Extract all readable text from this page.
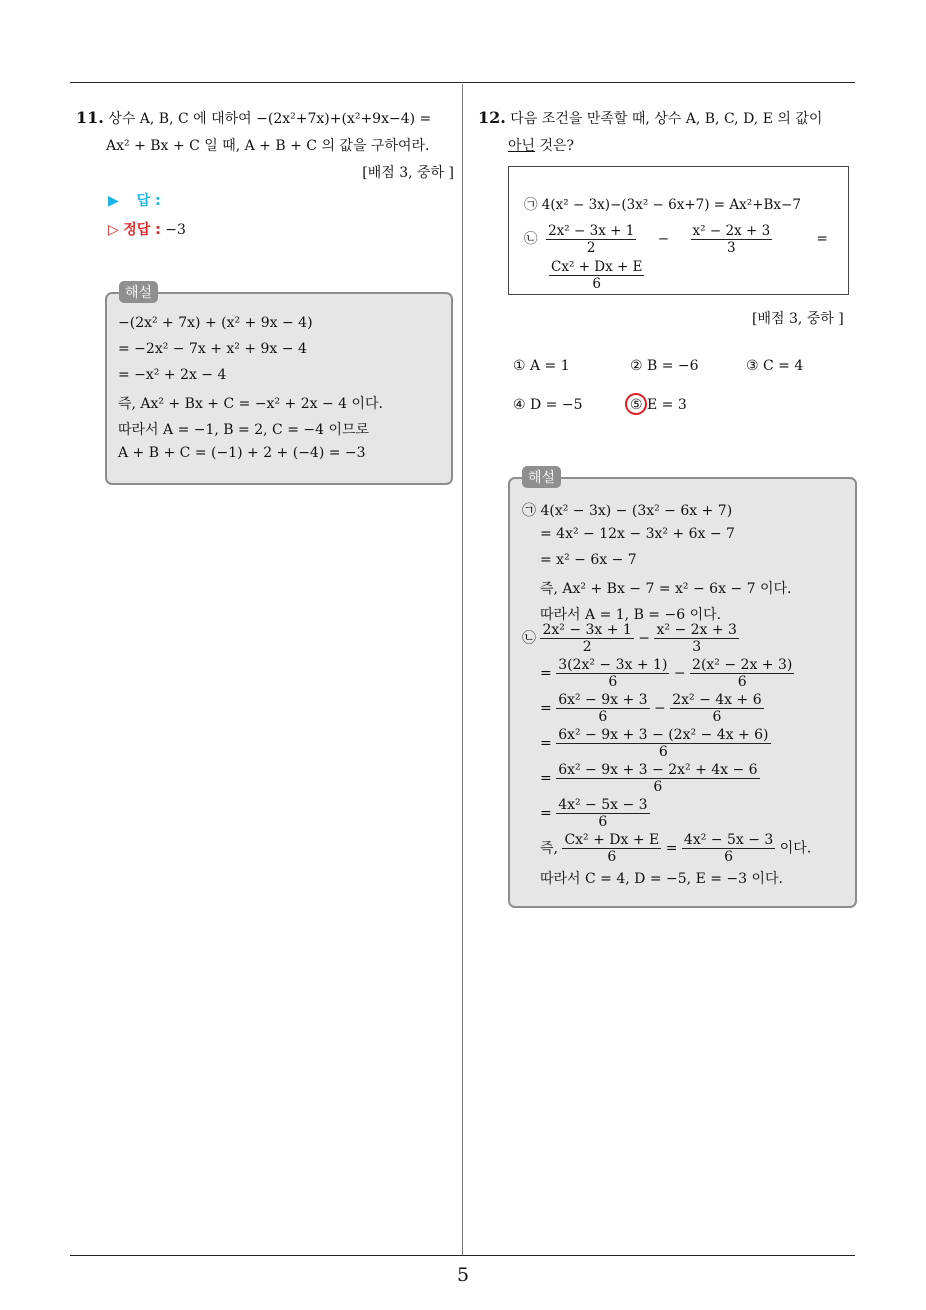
5
11. 상수 A, B, C 에 대하여 −(2x²+7x)+(x²+9x−4) =
Ax² + Bx + C 일 때, A + B + C 의 값을 구하여라.
[배점 3, 중하 ]
▶ 답 :
▷ 정답 : −3
해설
−(2x² + 7x) + (x² + 9x − 4)
= −2x² − 7x + x² + 9x − 4
= −x² + 2x − 4
즉, Ax² + Bx + C = −x² + 2x − 4 이다.
따라서 A = −1, B = 2, C = −4 이므로
A + B + C = (−1) + 2 + (−4) = −3
12. 다음 조건을 만족할 때, 상수 A, B, C, D, E 의 값이
아닌 것은?
㉠ 4(x² − 3x)−(3x² − 6x+7) = Ax²+Bx−7
㉡ $\frac{\text{2x² − 3x + 1}}{2} - \frac{\text{x² − 2x + 3}}{3}$	=
$\frac{\text{Cx² + Dx + E}}{6}$
[배점 3, 중하 ]
① A = 1	② B = −6	③ C = 4
④ D = −5	⑤ E = 3
해설
㉠ 4(x² − 3x) − (3x² − 6x + 7)
= 4x² − 12x − 3x² + 6x − 7
= x² − 6x − 7
즉, Ax² + Bx − 7 = x² − 6x − 7 이다.
따라서 A = 1, B = −6 이다.
㉡ $\frac{\text{2x² − 3x + 1}}{2} - \frac{\text{x² − 2x + 3}}{3}$
= $\frac{\text{3(2x² − 3x + 1)}}{6} - \frac{\text{2(x² − 2x + 3)}}{6}$
= $\frac{\text{6x² − 9x + 3}}{6} - \frac{\text{2x² − 4x + 6}}{6}$
= $\frac{\text{6x² − 9x + 3 − (2x² − 4x + 6)}}{6}$
= $\frac{\text{6x² − 9x + 3 − 2x² + 4x − 6}}{6}$
= $\frac{\text{4x² − 5x − 3}}{6}$
즉, $\frac{\text{Cx² + Dx + E}}{6} = \frac{\text{4x² − 5x − 3}}{6}$ 이다.
따라서 C = 4, D = −5, E = −3 이다.
